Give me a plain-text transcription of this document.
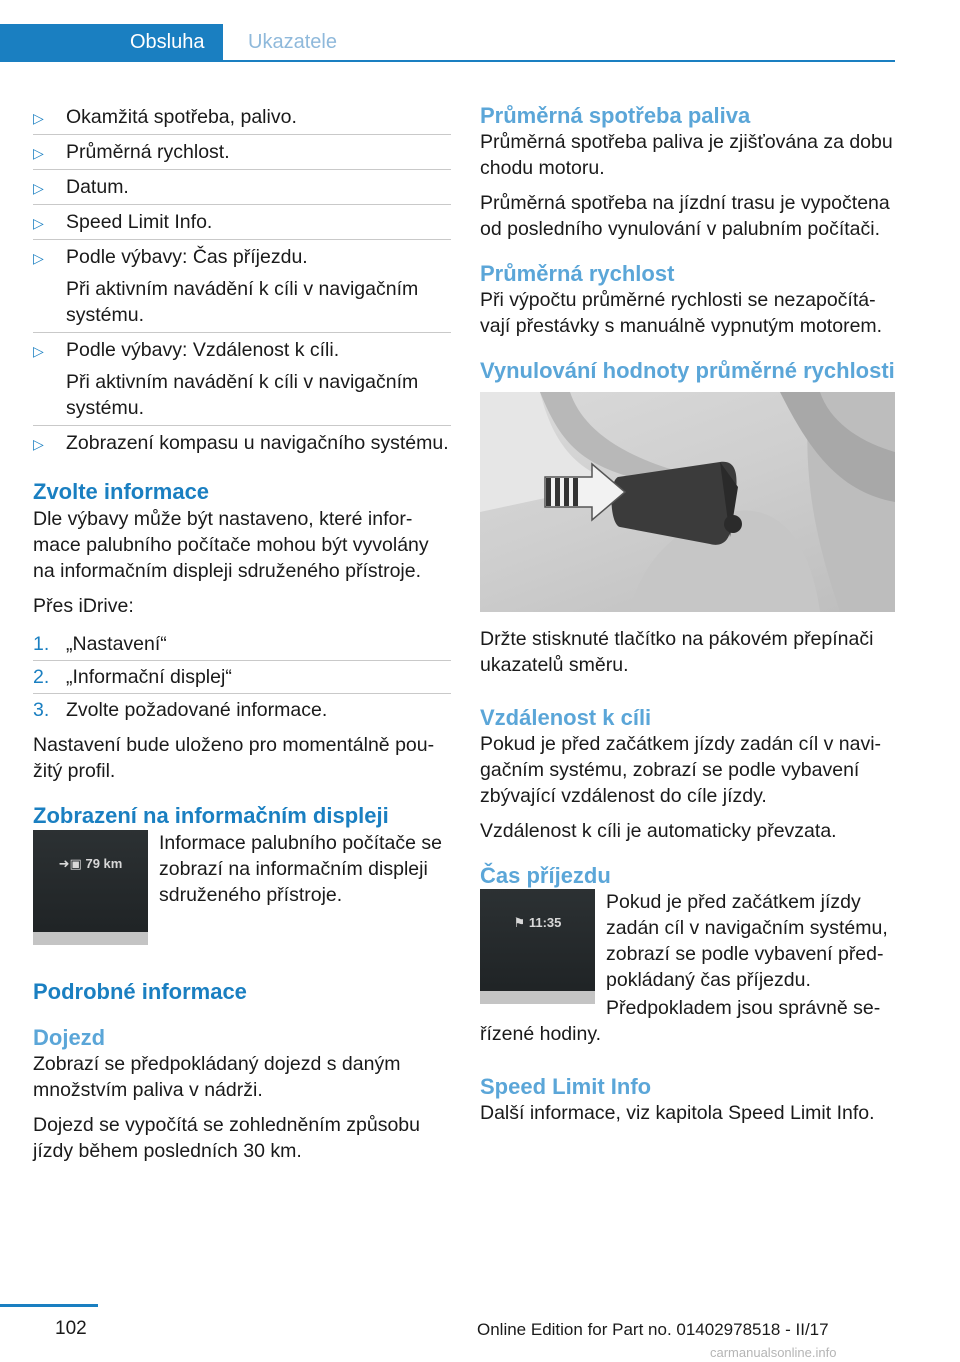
Obsluha	Ukazatele
▷ Okamžitá spotřeba, palivo.
▷ Průměrná rychlost.
▷ Datum.
▷ Speed Limit Info.
▷ Podle výbavy: Čas příjezdu.
Při aktivním navádění k cíli v navigačním systému.
▷ Podle výbavy: Vzdálenost k cíli.
Při aktivním navádění k cíli v navigačním systému.
▷ Zobrazení kompasu u navigačního systému.
Zvolte informace

Dle výbavy může být nastaveno, které informace palubního počítače mohou být vyvolány na informačním displeji sdruženého přístroje.

Přes iDrive:

1. „Nastavení“
2. „Informační displej“
3. Zvolte požadované informace.

Nastavení bude uloženo pro momentálně použitý profil.

Zobrazení na informačním displeji
➜▣ 79 km

Informace palubního počítače se zobrazí na informačním displeji sdruženého přístroje.

Podrobné informace
Dojezd

Zobrazí se předpokládaný dojezd s daným množstvím paliva v nádrži.

Dojezd se vypočítá se zohledněním způsobu jízdy během posledních 30 km.

Průměrná spotřeba paliva

Průměrná spotřeba paliva je zjišťována za dobu chodu motoru.

Průměrná spotřeba na jízdní trasu je vypočtena od posledního vynulování v palubním počítači.

Průměrná rychlost

Při výpočtu průměrné rychlosti se nezapočítávají přestávky s manuálně vypnutým motorem.

Vynulování hodnoty průměrné rychlosti

Držte stisknuté tlačítko na pákovém přepínači ukazatelů směru.

Vzdálenost k cíli

Pokud je před začátkem jízdy zadán cíl v navigačním systému, zobrazí se podle vybavení zbývající vzdálenost do cíle jízdy.

Vzdálenost k cíli je automaticky převzata.

Čas příjezdu
⚑ 11:35

Pokud je před začátkem jízdy zadán cíl v navigačním systému, zobrazí se podle vybavení předpokládaný čas příjezdu.

Předpokladem jsou správně seřízené hodiny.

Speed Limit Info

Další informace, viz kapitola Speed Limit Info.

102	Online Edition for Part no. 01402978518 - II/17
carmanualsonline.info
